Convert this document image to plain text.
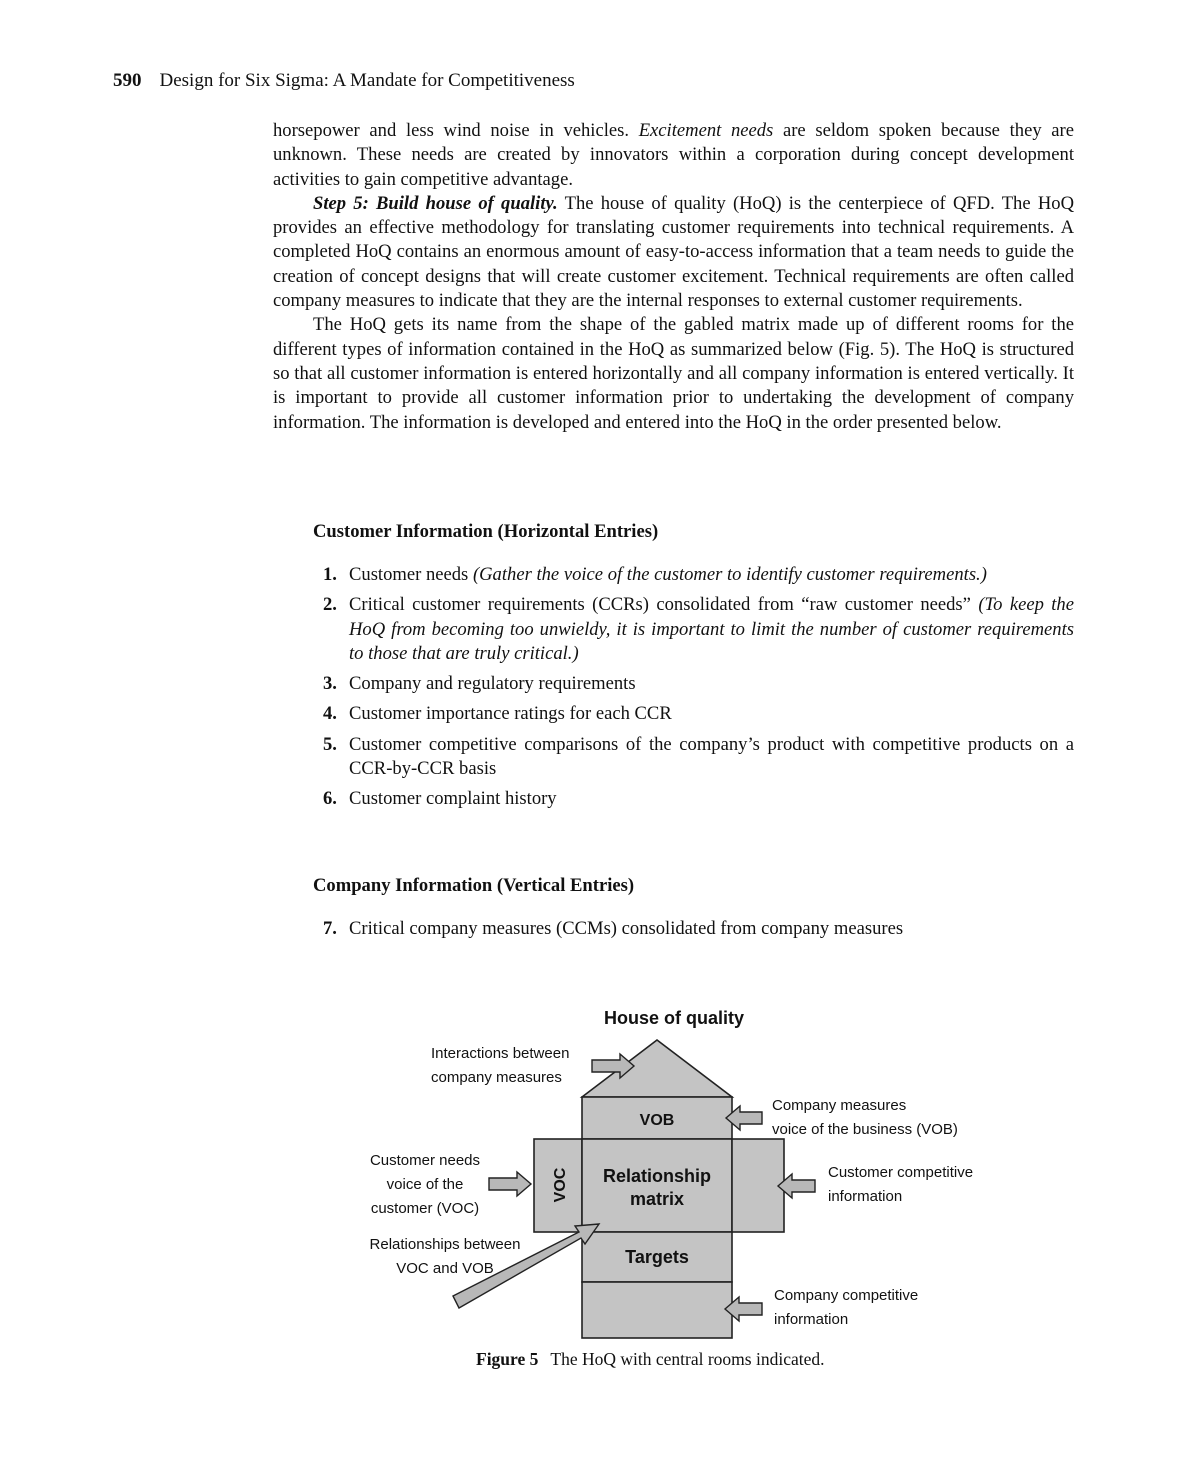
590 Design for Six Sigma: A Mandate for Competitiveness

horsepower and less wind noise in vehicles. Excitement needs are seldom spoken because they are unknown. These needs are created by innovators within a corporation during concept development activities to gain competitive advantage.

Step 5: Build house of quality. The house of quality (HoQ) is the centerpiece of QFD. The HoQ provides an effective methodology for translating customer requirements into technical requirements. A completed HoQ contains an enormous amount of easy-to-access information that a team needs to guide the creation of concept designs that will create customer excitement. Technical requirements are often called company measures to indicate that they are the internal responses to external customer requirements.

The HoQ gets its name from the shape of the gabled matrix made up of different rooms for the different types of information contained in the HoQ as summarized below (Fig. 5). The HoQ is structured so that all customer information is entered horizontally and all company information is entered vertically. It is important to provide all customer information prior to undertaking the development of company information. The information is developed and entered into the HoQ in the order presented below.

Customer Information (Horizontal Entries)
1. Customer needs (Gather the voice of the customer to identify customer requirements.)
2. Critical customer requirements (CCRs) consolidated from “raw customer needs” (To keep the HoQ from becoming too unwieldy, it is important to limit the number of customer requirements to those that are truly critical.)
3. Company and regulatory requirements
4. Customer importance ratings for each CCR
5. Customer competitive comparisons of the company’s product with competitive products on a CCR-by-CCR basis
6. Customer complaint history
Company Information (Vertical Entries)
7. Critical company measures (CCMs) consolidated from company measures
House of quality
VOB
VOC Relationship
matrix
Targets
Interactions between
company measures
Company measures
voice of the business (VOB)
Customer needs
voice of the
customer (VOC)
Customer competitive
information
Relationships between
VOC and VOB
Company competitive
information
Figure 5 The HoQ with central rooms indicated.
